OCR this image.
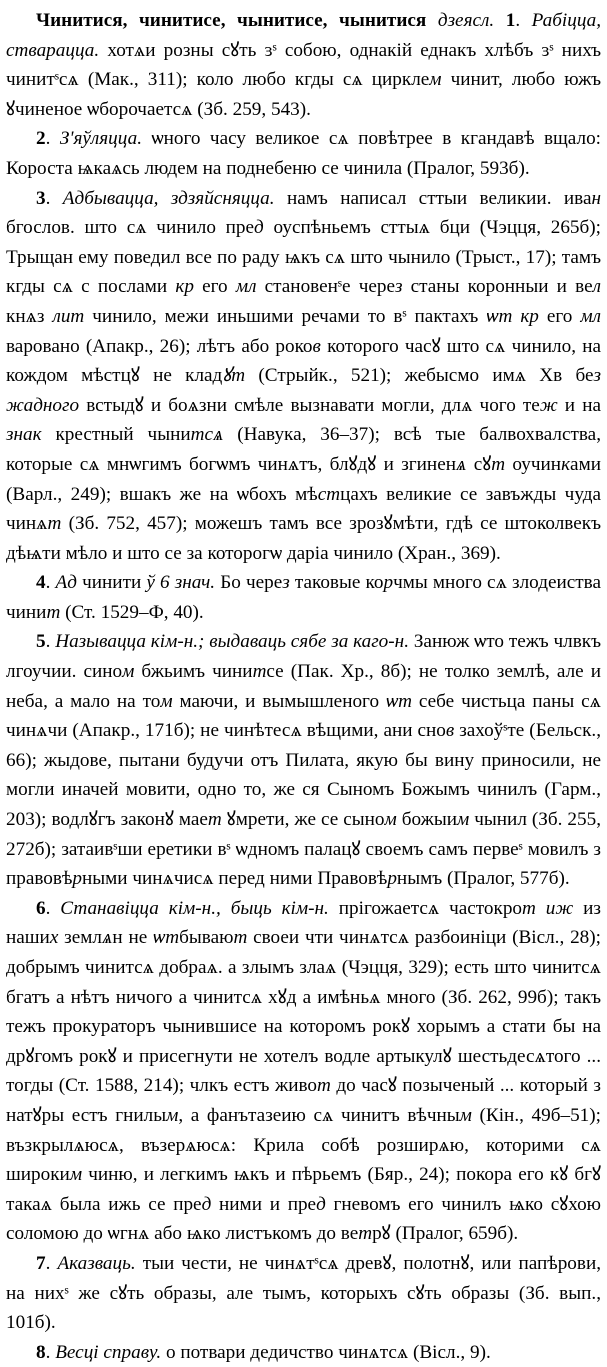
Чинитися, чинитисе, чынитисе, чынитися дзеясл. 1. Рабіцца, стварацца. хотѧи розны сꙋть ɜˢ собою, однакій еднакъ хлѣбъ ɜˢ нихъ чинитˢсѧ (Мак., 311); коло любо кгды сѧ цирклем чинит, любо южъ ꙋчиненое ѡборочаетсѧ (Зб. 259, 543).

2. З'яўляцца. ѡного часу великое сѧ повѣтрее в кгандавѣ вщало: Короста ѩкаѧсь людем на поднебеню се чинила (Пралог, 593б).

3. Адбывацца, здзяйсняцца. намъ написал сттыи великии. иван бгослов. што сѧ чинило пред оуспѣньемъ сттыѧ бци (Чэцця, 265б); Трыщан ему поведил все по раду ѩкъ сѧ што чынило (Трыст., 17); тамъ кгды сѧ с послами кр его мл становенˢе через станы коронныи и вел кнѧз лит чинило, межи иньшими речами то вˢ пактахъ ѡт кр его мл варовано (Апакр., 26); лѣтъ або роков которого часꙋ што сѧ чинило, на кождом мѣстцꙋ не кладꙋт (Стрыйк., 521); жебысмо имѧ Хв без жадного встыдꙋ и боѧзни смѣле вызнавати могли, длѧ чого теж и на знак крестный чынитсѧ (Навука, 36–37); всѣ тые балвохвалства, которые сѧ мнѡгимъ богѡмъ чинѧтъ, блꙋдꙋ и згиненѧ сꙋт оучинками (Варл., 249); вшакъ же на ѡбохъ мѣстцахъ великие се завъжды чуда чинѧт (Зб. 752, 457); можешъ тамъ все зрозꙋмѣти, гдѣ се штоколвекъ дѣѩти мѣло и што се за которогѡ даріа чинило (Хран., 369).

4. Ад чинити ў 6 знач. Бо через таковые корчмы много сѧ злодеиства чинит (Ст. 1529–Ф, 40).

5. Называцца кім-н.; выдаваць сябе за каго-н. Занюж ѡто тежъ члвкъ лгоучии. сином бжьимъ чинитсе (Пак. Хр., 8б); не толко землѣ, але и неба, а мало на том маючи, и вымышленого ѡт себе чистьца паны сѧ чинѧчи (Апакр., 171б); не чинѣтесѧ вѣщими, ани снов захоўˢте (Бельск., 66); жыдове, пытани будучи отъ Пилата, якую бы вину приносили, не могли иначей мовити, одно то, же ся Сыномъ Божымъ чинилъ (Гарм., 203); водлꙋгъ законꙋ мает ꙋмрети, же се сыном божыим чынил (Зб. 255, 272б); затаивˢши еретики вˢ ѡдномъ палацꙋ своемъ самъ первеˢ мовилъ з правовѣрными чинѧчисѧ перед ними Правовѣрнымъ (Пралог, 577б).

6. Станавіцца кім-н., быць кім-н. прігожаетсѧ частокрот иж из наших землѧн не ѡтбывают своеи чти чинѧтсѧ разбоиніци (Вісл., 28); добрымъ чинитсѧ добраѧ. а злымъ злаѧ (Чэцця, 329); есть што чинитсѧ бгатъ а нѣтъ ничого а чинитсѧ хꙋд а имѣньѧ много (Зб. 262, 99б); такъ тежъ прокураторъ чынившисе на которомъ рокꙋ хорымъ а стати бы на дрꙋгомъ рокꙋ и присегнути не хотелъ водле артыкулꙋ шестьдесѧтого ... тогды (Ст. 1588, 214); члкъ естъ живот до часꙋ позыченый ... который з натꙋры естъ гнилым, а фанътазеию сѧ чинитъ вѣчным (Кін., 49б–51); възкрылѧюсѧ, възерѧюсѧ: Крила собѣ розширѧю, которими сѧ широким чиню, и легкимъ ѩкъ и пѣрьемъ (Бяр., 24); покора его кꙋ бгꙋ такаѧ была ижь се пред ними и пред гневомъ его чинилъ ѩко сꙋхою соломою до ѡгнѧ або ѩко листъкомъ до ветрꙋ (Пралог, 659б).

7. Аказваць. тыи чести, не чинѧтˢсѧ древꙋ, полотнꙋ, или папѣрови, на нихˢ же сꙋть образы, але тымъ, которыхъ сꙋть образы (Зб. вып., 101б).

8. Весці справу. о потвари дедичство чинѧтсѧ (Вісл., 9).
